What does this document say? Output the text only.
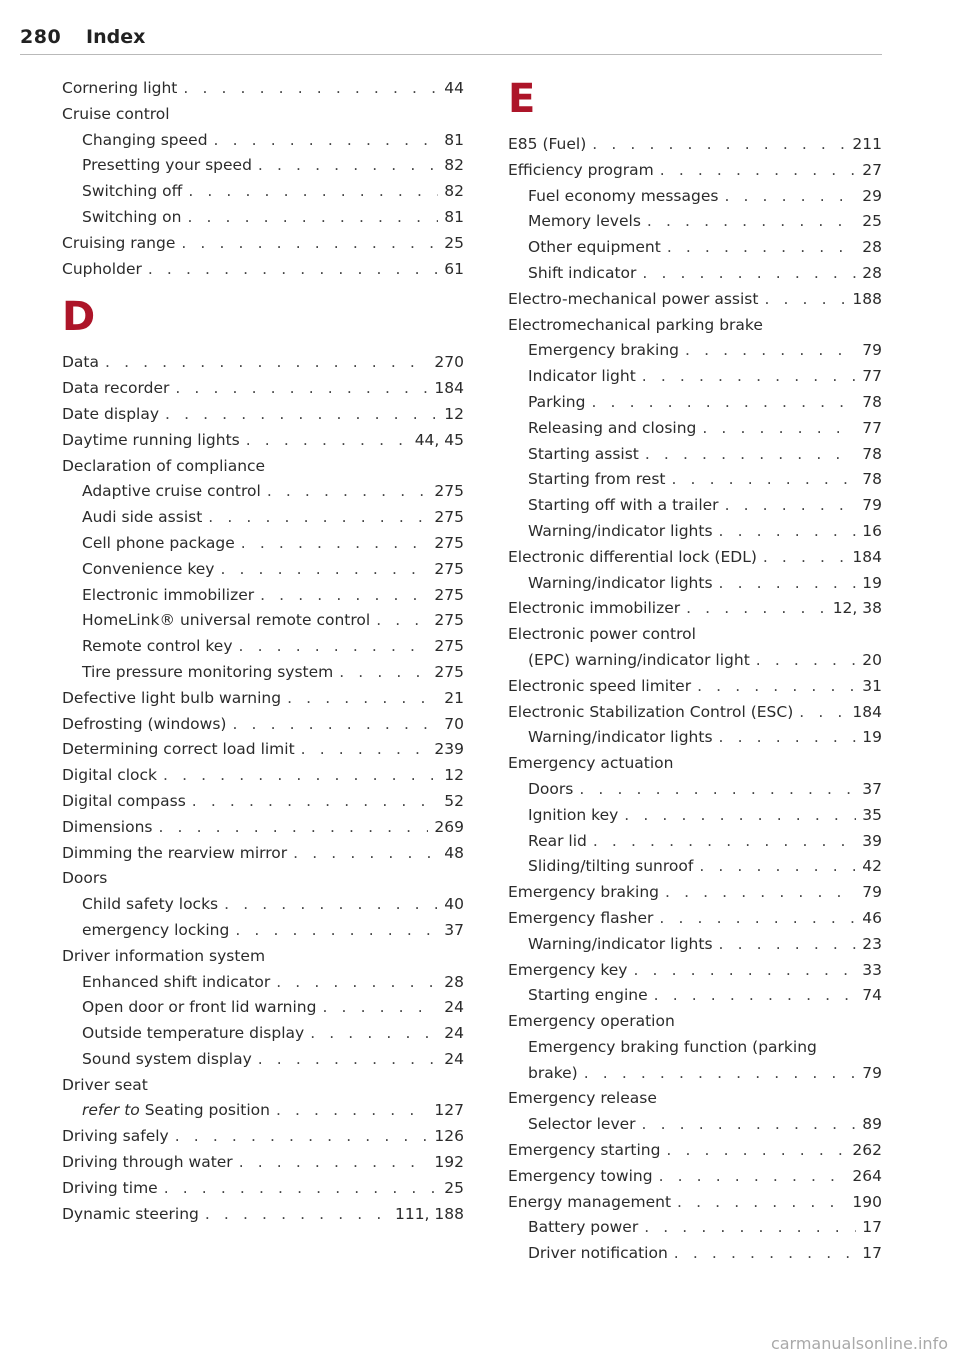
280 Index
Cornering light . . .	44
Cruise control
Changing speed . . .	81
Presetting your speed . . .	82
Switching off . . .	82
Switching on . . .	81
Cruising range . . .	25
Cupholder . . .	61
D
Data . . .	270
Data recorder . . .	184
Date display . . .	12
Daytime running lights . . .	44, 45
Declaration of compliance
Adaptive cruise control . . .	275
Audi side assist . . .	275
Cell phone package . . .	275
Convenience key . . .	275
Electronic immobilizer . . .	275
HomeLink® universal remote control . . .	275
Remote control key . . .	275
Tire pressure monitoring system . . .	275
Defective light bulb warning . . .	21
Defrosting (windows) . . .	70
Determining correct load limit . . .	239
Digital clock . . .	12
Digital compass . . .	52
Dimensions . . .	269
Dimming the rearview mirror . . .	48
Doors
Child safety locks . . .	40
emergency locking . . .	37
Driver information system
Enhanced shift indicator . . .	28
Open door or front lid warning . . .	24
Outside temperature display . . .	24
Sound system display . . .	24
Driver seat
refer to Seating position . . .	127
Driving safely . . .	126
Driving through water . . .	192
Driving time . . .	25
Dynamic steering . . .	111, 188
E
E85 (Fuel) . . .	211
Efficiency program . . .	27
Fuel economy messages . . .	29
Memory levels . . .	25
Other equipment . . .	28
Shift indicator . . .	28
Electro-mechanical power assist . . .	188
Electromechanical parking brake
Emergency braking . . .	79
Indicator light . . .	77
Parking . . .	78
Releasing and closing . . .	77
Starting assist . . .	78
Starting from rest . . .	78
Starting off with a trailer . . .	79
Warning/indicator lights . . .	16
Electronic differential lock (EDL) . . .	184
Warning/indicator lights . . .	19
Electronic immobilizer . . .	12, 38
Electronic power control
(EPC) warning/indicator light . . .	20
Electronic speed limiter . . .	31
Electronic Stabilization Control (ESC) . . .	184
Warning/indicator lights . . .	19
Emergency actuation
Doors . . .	37
Ignition key . . .	35
Rear lid . . .	39
Sliding/tilting sunroof . . .	42
Emergency braking . . .	79
Emergency flasher . . .	46
Warning/indicator lights . . .	23
Emergency key . . .	33
Starting engine . . .	74
Emergency operation
Emergency braking function (parking
brake) . . .	79
Emergency release
Selector lever . . .	89
Emergency starting . . .	262
Emergency towing . . .	264
Energy management . . .	190
Battery power . . .	17
Driver notification . . .	17
carmanualsonline.info
